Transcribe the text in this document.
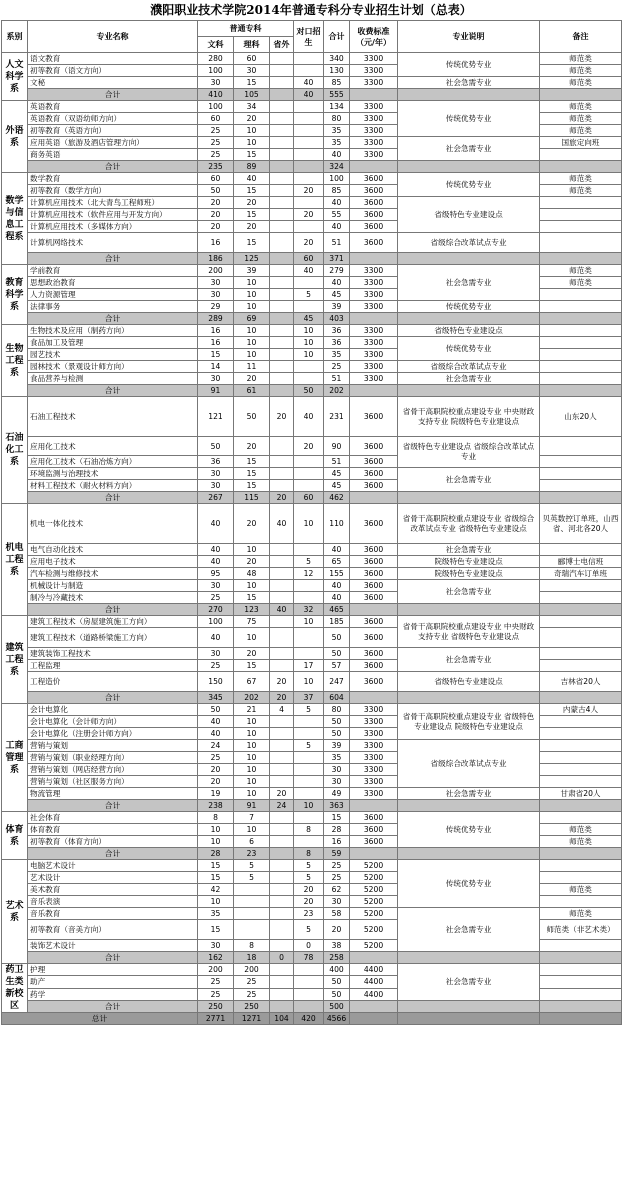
濮阳职业技术学院2014年普通专科分专业招生计划（总表）
系别	专业名称	普通专科			对口招生	合计	收费标准（元/年）	专业说明	备注
		文科	理科	省外					
人文科学系	语文教育	280	60			340	3300	传统优势专业	师范类
	初等教育（语文方向）	100	30			130	3300		师范类
	文秘	30	15		40	85	3300	社会急需专业	师范类
	合计	410	105		40	555			
外语系	英语教育	100	34			134	3300	传统优势专业	师范类
	英语教育（双语幼师方向）	60	20			80	3300		师范类
	初等教育（英语方向）	25	10			35	3300		师范类
	应用英语（旅游及酒店管理方向）	25	10			35	3300	社会急需专业	国旅定向班
	商务英语	25	15			40	3300		
	合计	235	89			324			
数学与信息工程系	数学教育	60	40			100	3600	传统优势专业	师范类
	初等教育（数学方向）	50	15		20	85	3600		师范类
	计算机应用技术（北大青鸟工程师班）	20	20			40	3600	省级特色专业建设点	
	计算机应用技术（软件应用与开发方向）	20	15		20	55	3600		
	计算机应用技术（多媒体方向）	20	20			40	3600		
	计算机网络技术	16	15		20	51	3600	省级综合改革试点专业	
	合计	186	125		60	371			
教育科学系	学前教育	200	39		40	279	3300	社会急需专业	师范类
	思想政治教育	30	10			40	3300		师范类
	人力资源管理	30	10		5	45	3300		
	法律事务	29	10			39	3300	传统优势专业	
	合计	289	69		45	403			
生物工程系	生物技术及应用（制药方向）	16	10		10	36	3300	省级特色专业建设点	
	食品加工及管理	16	10		10	36	3300	传统优势专业	
	园艺技术	15	10		10	35	3300		
	园林技术（景观设计师方向）	14	11			25	3300	省级综合改革试点专业	
	食品营养与检测	30	20			51	3300	社会急需专业	
	合计	91	61		50	202			
石油化工系	石油工程技术	121	50	20	40	231	3600	省骨干高职院校重点建设专业 中央财政支持专业 院级特色专业建设点	山东20人
	应用化工技术	50	20		20	90	3600	省级特色专业建设点 省级综合改革试点专业	
	应用化工技术（石油冶炼方向）	36	15			51	3600		
	环境监测与治理技术	30	15			45	3600	社会急需专业	
	材料工程技术（耐火材料方向）	30	15			45	3600		
	合计	267	115	20	60	462			
机电工程系	机电一体化技术	40	20	40	10	110	3600	省骨干高职院校重点建设专业 省级综合改革试点专业 省级特色专业建设点	贝英数控订单班，山西省、河北各20人
	电气自动化技术	40	10			40	3600	社会急需专业	
	应用电子技术	40	20		5	65	3600	院级特色专业建设点	郦博士电信班
	汽车检测与维修技术	95	48		12	155	3600	院级特色专业建设点	奇瑞汽车订单班
	机械设计与制造	30	10			40	3600	社会急需专业	
	制冷与冷藏技术	25	15			40	3600		
	合计	270	123	40	32	465			
建筑工程系	建筑工程技术（房屋建筑施工方向）	100	75		10	185	3600	省骨干高职院校重点建设专业 中央财政支持专业 省级特色专业建设点	
	建筑工程技术（道路桥梁施工方向）	40	10			50	3600		
	建筑装饰工程技术	30	20			50	3600	社会急需专业	
	工程监理	25	15		17	57	3600		
	工程造价	150	67	20	10	247	3600	省级特色专业建设点	吉林省20人
	合计	345	202	20	37	604			
工商管理系	会计电算化	50	21	4	5	80	3300	省骨干高职院校重点建设专业 省级特色专业建设点 院级特色专业建设点	内蒙古4人
	会计电算化（会计师方向）	40	10			50	3300		
	会计电算化（注册会计师方向）	40	10			50	3300		
	营销与策划	24	10		5	39	3300	省级综合改革试点专业	
	营销与策划（职业经理方向）	25	10			35	3300		
	营销与策划（网店经营方向）	20	10			30	3300		
	营销与策划（社区服务方向）	20	10			30	3300		
	物流管理	19	10	20		49	3300	社会急需专业	甘肃省20人
	合计	238	91	24	10	363			
体育系	社会体育	8	7			15	3600	传统优势专业	
	体育教育	10	10		8	28	3600		师范类
	初等教育（体育方向）	10	6			16	3600		师范类
	合计	28	23		8	59			
艺术系	电脑艺术设计	15	5		5	25	5200	传统优势专业	
	艺术设计	15	5		5	25	5200		
	美术教育	42			20	62	5200		师范类
	音乐表演	10			20	30	5200		
	音乐教育	35			23	58	5200	社会急需专业	师范类
	初等教育（音美方向）	15			5	20	5200		师范类（非艺术类）
	装饰艺术设计	30	8		0	38	5200		
	合计	162	18	0	78	258			
药卫生类 新校区	护理	200	200			400	4400	社会急需专业	
	助产	25	25			50	4400		
	药学	25	25			50	4400		
	合计	250	250			500			
总计		2771	1271	104	420	4566			
